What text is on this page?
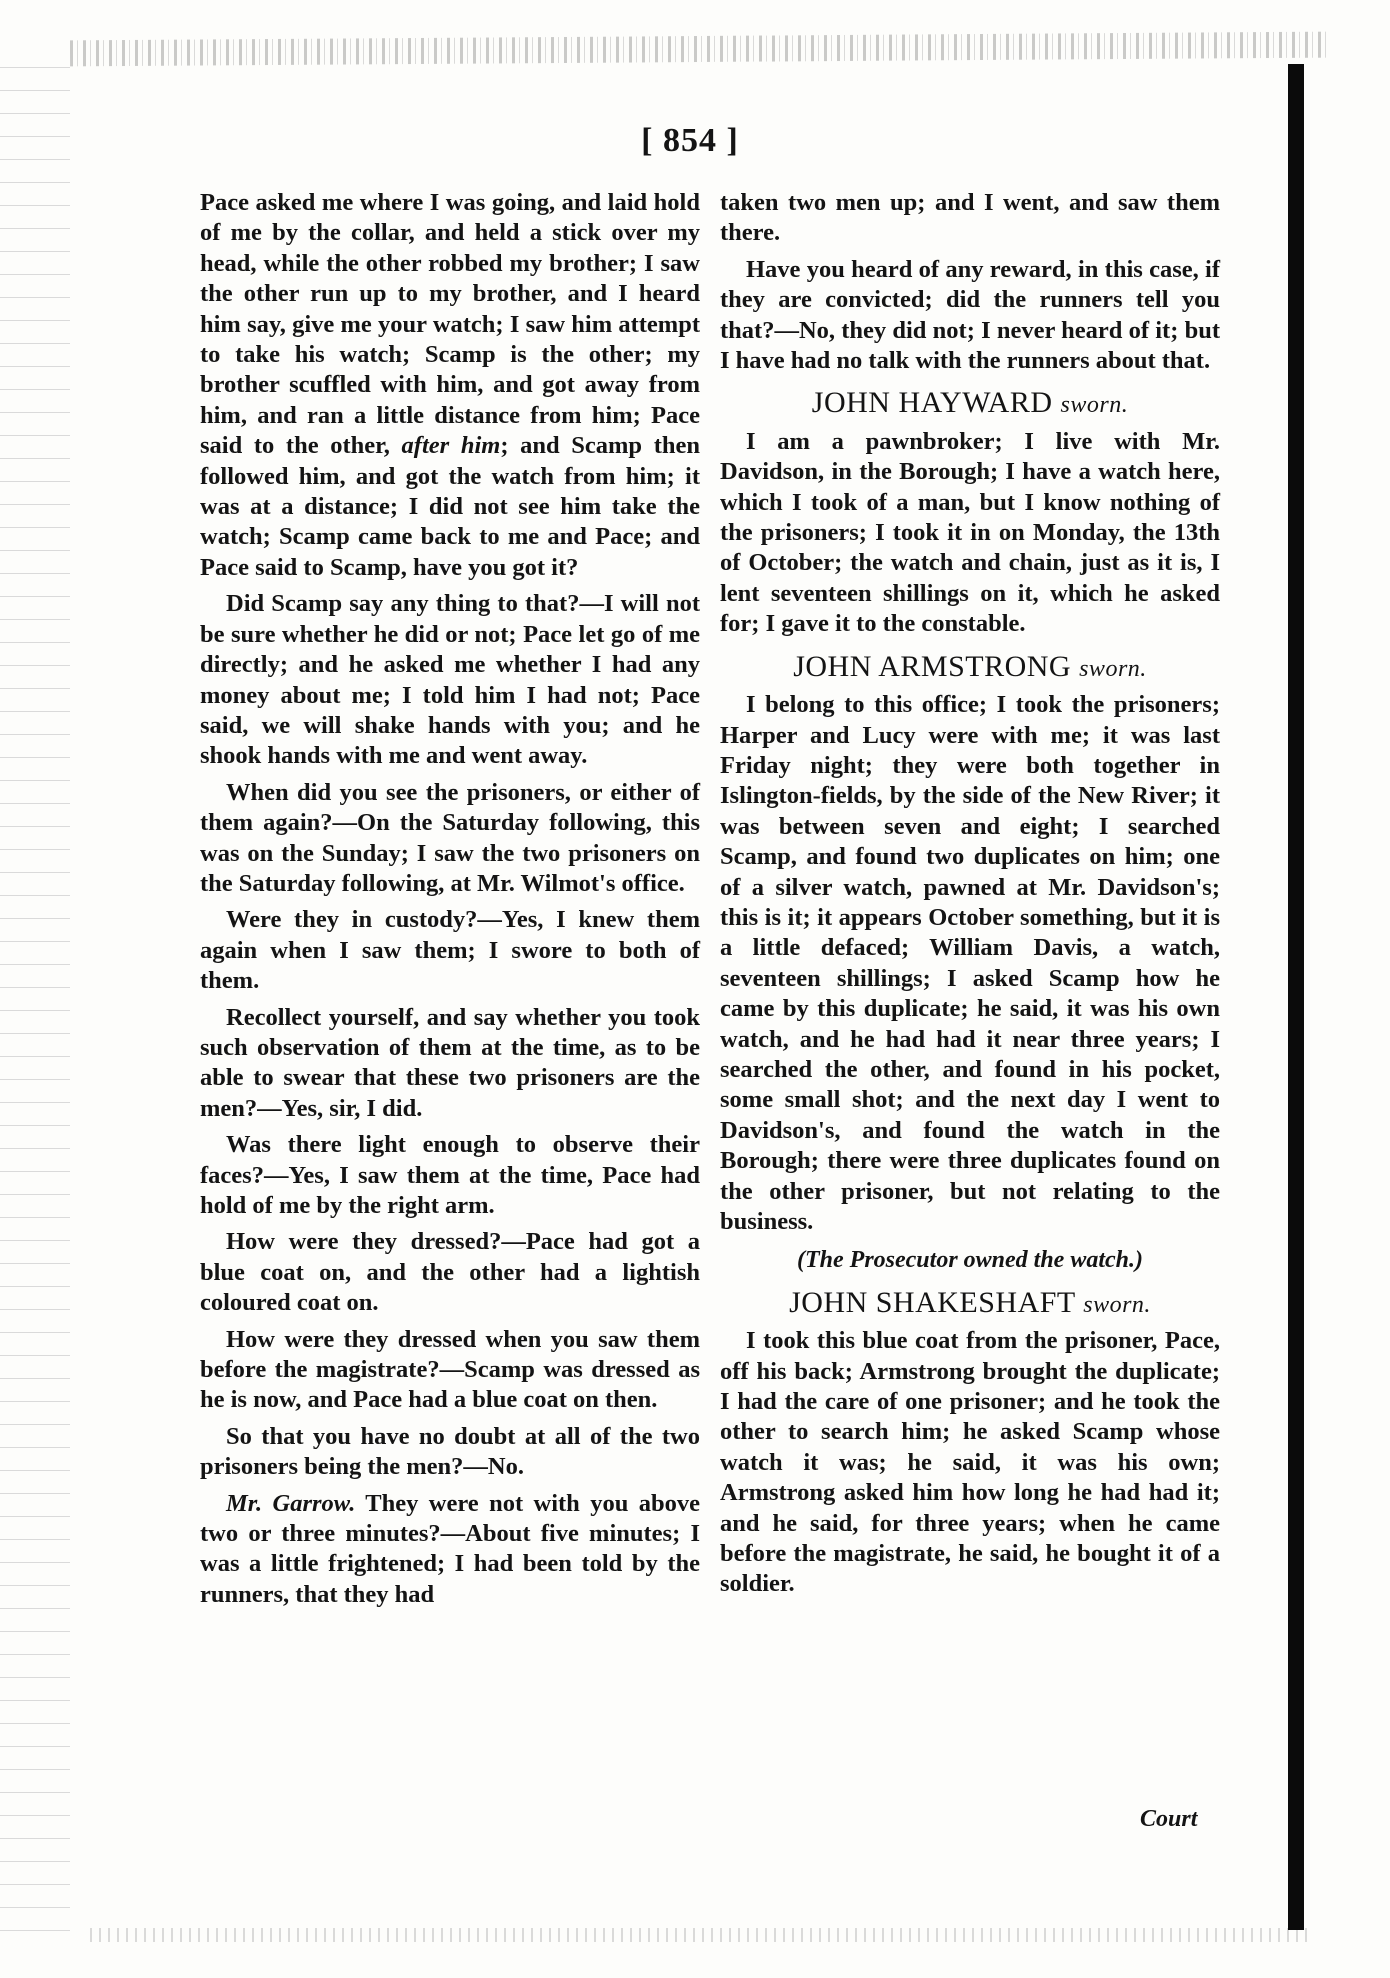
[ 854 ]

Pace asked me where I was going, and laid hold of me by the collar, and held a stick over my head, while the other robbed my brother; I saw the other run up to my brother, and I heard him say, give me your watch; I saw him attempt to take his watch; Scamp is the other; my brother scuffled with him, and got away from him, and ran a little distance from him; Pace said to the other, after him; and Scamp then followed him, and got the watch from him; it was at a distance; I did not see him take the watch; Scamp came back to me and Pace; and Pace said to Scamp, have you got it?

Did Scamp say any thing to that?—I will not be sure whether he did or not; Pace let go of me directly; and he asked me whether I had any money about me; I told him I had not; Pace said, we will shake hands with you; and he shook hands with me and went away.

When did you see the prisoners, or either of them again?—On the Saturday following, this was on the Sunday; I saw the two prisoners on the Saturday following, at Mr. Wilmot's office.

Were they in custody?—Yes, I knew them again when I saw them; I swore to both of them.

Recollect yourself, and say whether you took such observation of them at the time, as to be able to swear that these two prisoners are the men?—Yes, sir, I did.

Was there light enough to observe their faces?—Yes, I saw them at the time, Pace had hold of me by the right arm.

How were they dressed?—Pace had got a blue coat on, and the other had a lightish coloured coat on.

How were they dressed when you saw them before the magistrate?—Scamp was dressed as he is now, and Pace had a blue coat on then.

So that you have no doubt at all of the two prisoners being the men?—No.

Mr. Garrow. They were not with you above two or three minutes?—About five minutes; I was a little frightened; I had been told by the runners, that they had

taken two men up; and I went, and saw them there.

Have you heard of any reward, in this case, if they are convicted; did the runners tell you that?—No, they did not; I never heard of it; but I have had no talk with the runners about that.

JOHN HAYWARD sworn.

I am a pawnbroker; I live with Mr. Davidson, in the Borough; I have a watch here, which I took of a man, but I know nothing of the prisoners; I took it in on Monday, the 13th of October; the watch and chain, just as it is, I lent seventeen shillings on it, which he asked for; I gave it to the constable.

JOHN ARMSTRONG sworn.

I belong to this office; I took the prisoners; Harper and Lucy were with me; it was last Friday night; they were both together in Islington-fields, by the side of the New River; it was between seven and eight; I searched Scamp, and found two duplicates on him; one of a silver watch, pawned at Mr. Davidson's; this is it; it appears October something, but it is a little defaced; William Davis, a watch, seventeen shillings; I asked Scamp how he came by this duplicate; he said, it was his own watch, and he had had it near three years; I searched the other, and found in his pocket, some small shot; and the next day I went to Davidson's, and found the watch in the Borough; there were three duplicates found on the other prisoner, but not relating to the business.

(The Prosecutor owned the watch.)
JOHN SHAKESHAFT sworn.

I took this blue coat from the prisoner, Pace, off his back; Armstrong brought the duplicate; I had the care of one prisoner; and he took the other to search him; he asked Scamp whose watch it was; he said, it was his own; Armstrong asked him how long he had had it; and he said, for three years; when he came before the magistrate, he said, he bought it of a soldier.

Court
